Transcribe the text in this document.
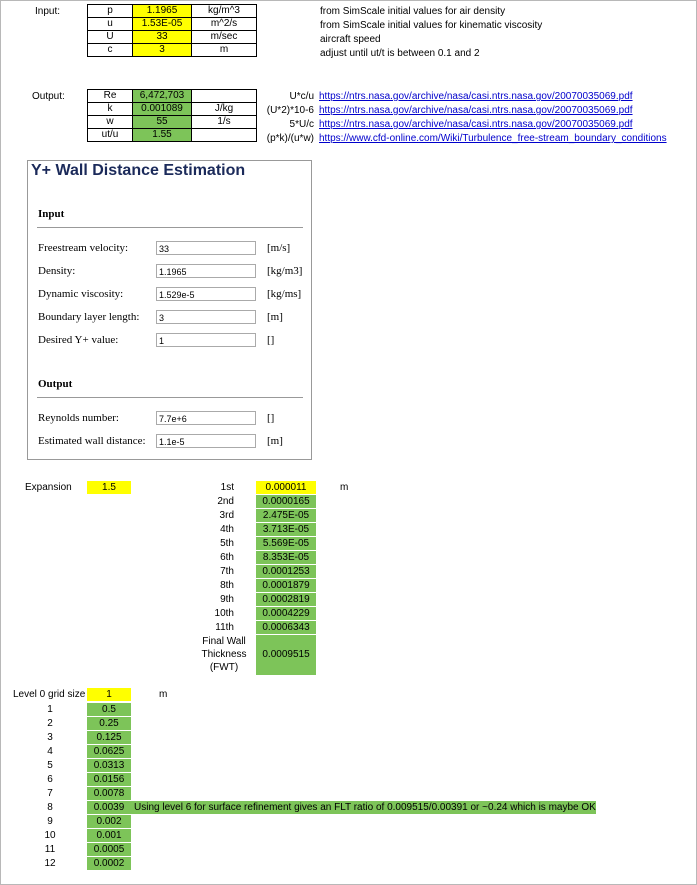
Input:	p	1.1965	kg/m^3
u	1.53E-05	m^2/s
U	33	m/sec
c	3	m
from SimScale initial values for air density
from SimScale initial values for kinematic viscosity
aircraft speed
adjust until ut/t is between 0.1 and 2
Output:	Re	6,472,703	
k	0.001089	J/kg
w	55	1/s
ut/u	1.55	
U*c/u
(U*2)*10-6
5*U/c
(p*k)/(u*w)
https://ntrs.nasa.gov/archive/nasa/casi.ntrs.nasa.gov/20070035069.pdf
https://ntrs.nasa.gov/archive/nasa/casi.ntrs.nasa.gov/20070035069.pdf
https://ntrs.nasa.gov/archive/nasa/casi.ntrs.nasa.gov/20070035069.pdf
https://www.cfd-online.com/Wiki/Turbulence_free-stream_boundary_conditions
Y+ Wall Distance Estimation
Input
Freestream velocity:	33	[m/s]
Density:	1.1965	[kg/m3]
Dynamic viscosity:	1.529e-5	[kg/ms]
Boundary layer length:	3	[m]
Desired Y+ value:	1	[]
Output
Reynolds number:	7.7e+6	[]
Estimated wall distance:	1.1e-5	[m]
Expansion	1.5	1st	0.000011	m
2nd	0.0000165
3rd	2.475E-05
4th	3.713E-05
5th	5.569E-05
6th	8.353E-05
7th	0.0001253
8th	0.0001879
9th	0.0002819
10th	0.0004229
11th	0.0006343
Final Wall
Thickness
(FWT)
0.0009515
Level 0 grid size	1	m
1	0.5
2	0.25
3	0.125
4	0.0625
5	0.0313
6	0.0156
7	0.0078
8	0.0039 Using level 6 for surface refinement gives an FLT ratio of 0.009515/0.00391 or ~0.24 which is maybe OK
9	0.002
10	0.001
11	0.0005
12	0.0002
